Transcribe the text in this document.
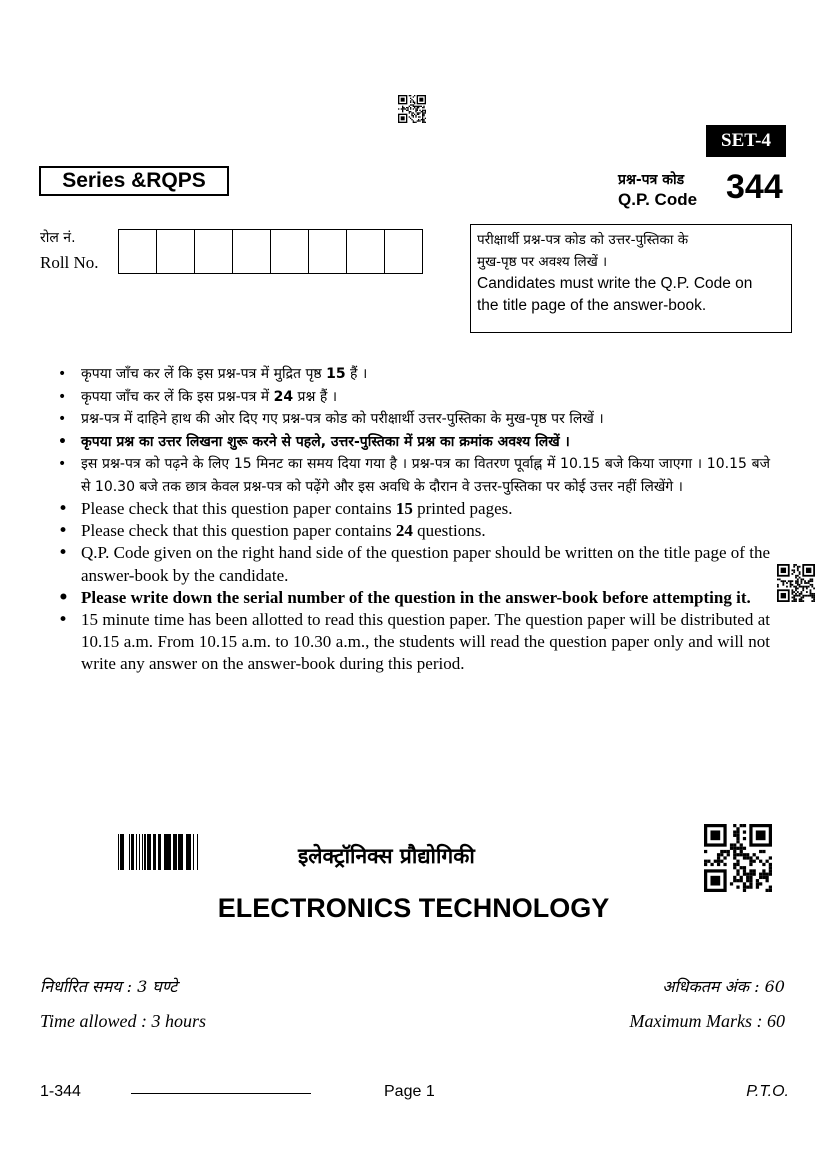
SET-4
Series &RQPS	प्रश्न-पत्र कोड
Q.P. Code 344
रोल नं.
Roll No.
परीक्षार्थी प्रश्न-पत्र कोड को उत्तर-पुस्तिका के
मुख-पृष्ठ पर अवश्य लिखें ।
Candidates must write the Q.P. Code on
the title page of the answer-book.
• कृपया जाँच कर लें कि इस प्रश्न-पत्र में मुद्रित पृष्ठ 15 हैं ।
• कृपया जाँच कर लें कि इस प्रश्न-पत्र में 24 प्रश्न हैं ।
• प्रश्न-पत्र में दाहिने हाथ की ओर दिए गए प्रश्न-पत्र कोड को परीक्षार्थी उत्तर-पुस्तिका के मुख-पृष्ठ पर लिखें ।
• कृपया प्रश्न का उत्तर लिखना शुरू करने से पहले, उत्तर-पुस्तिका में प्रश्न का क्रमांक अवश्य लिखें ।
• इस प्रश्न-पत्र को पढ़ने के लिए 15 मिनट का समय दिया गया है । प्रश्न-पत्र का वितरण पूर्वाह्न में 10.15 बजे किया जाएगा । 10.15 बजे से 10.30 बजे तक छात्र केवल प्रश्न-पत्र को पढ़ेंगे और इस अवधि के दौरान वे उत्तर-पुस्तिका पर कोई उत्तर नहीं लिखेंगे ।
• Please check that this question paper contains 15 printed pages.
• Please check that this question paper contains 24 questions.
• Q.P. Code given on the right hand side of the question paper should be written on the title page of the answer-book by the candidate.
• Please write down the serial number of the question in the answer-book before attempting it.
• 15 minute time has been allotted to read this question paper. The question paper will be distributed at 10.15 a.m. From 10.15 a.m. to 10.30 a.m., the students will read the question paper only and will not write any answer on the answer-book during this period.
इलेक्ट्रॉनिक्स प्रौद्योगिकी
ELECTRONICS TECHNOLOGY
निर्धारित समय : 3 घण्टे
Time allowed : 3 hours
अधिकतम अंक : 60
Maximum Marks : 60
1-344	Page 1	P.T.O.
